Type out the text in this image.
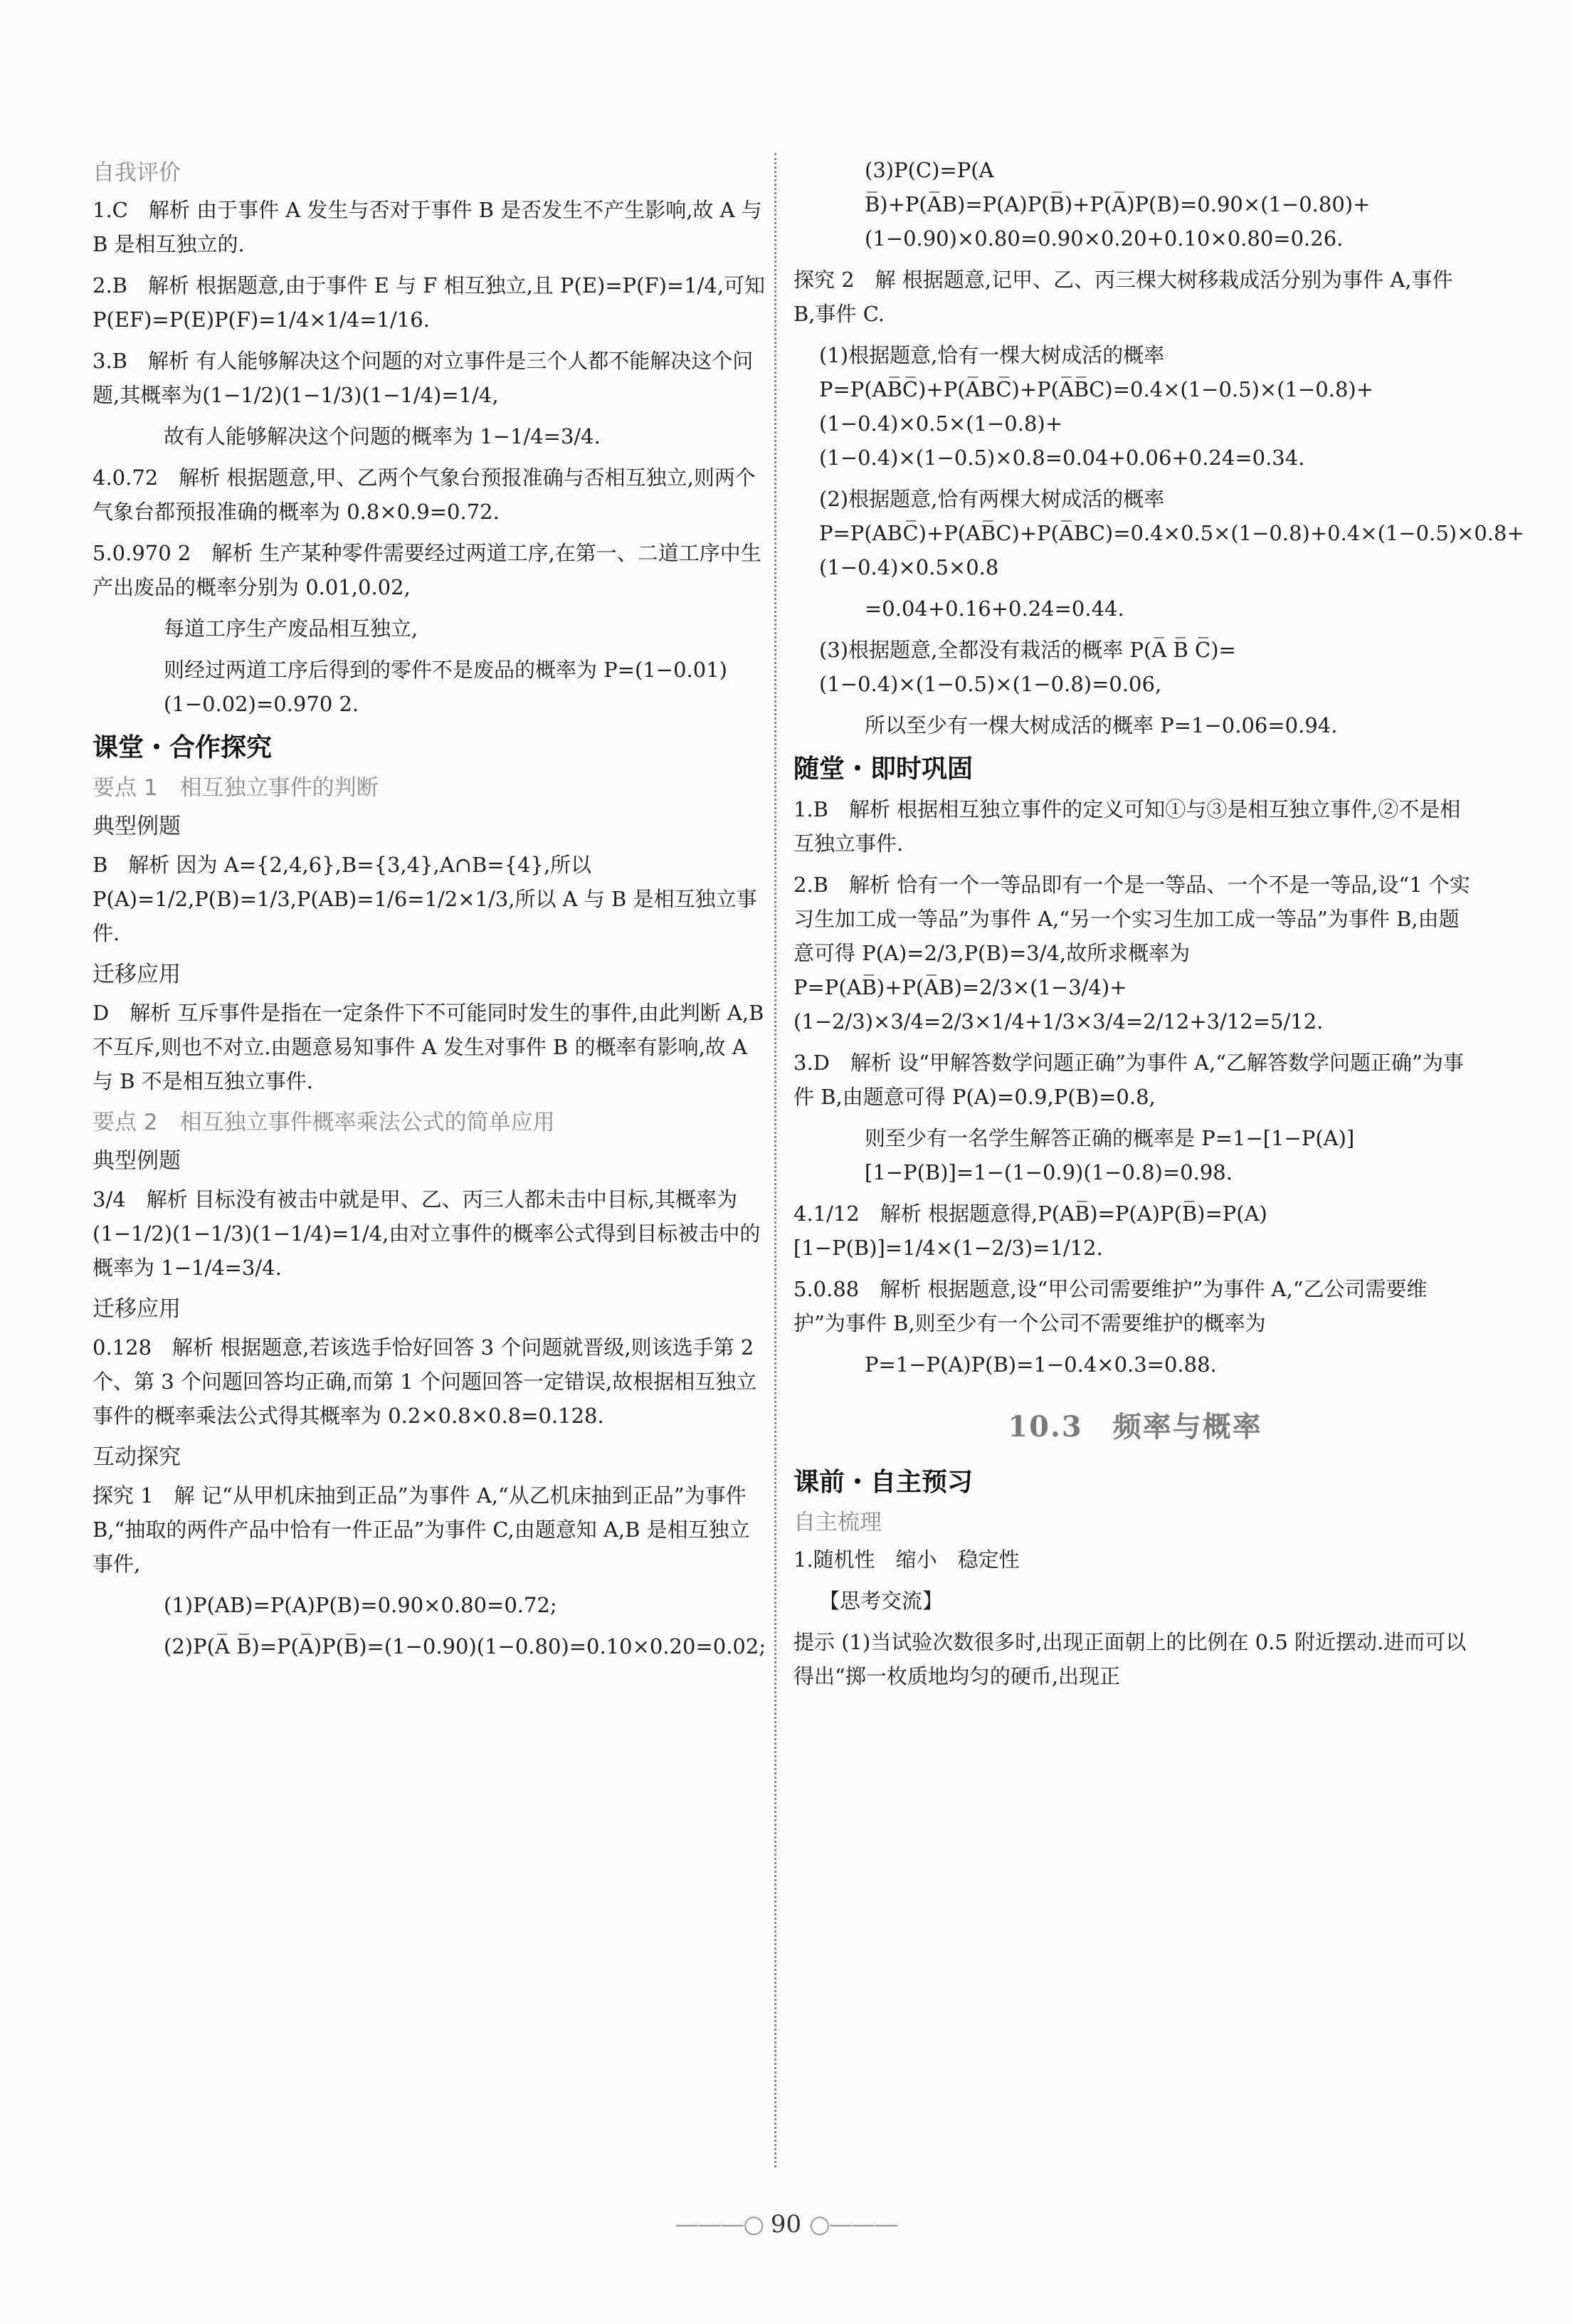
自我评价

1.C　解析 由于事件 A 发生与否对于事件 B 是否发生不产生影响,故 A 与 B 是相互独立的.

2.B　解析 根据题意,由于事件 E 与 F 相互独立,且 P(E)=P(F)=1/4,可知 P(EF)=P(E)P(F)=1/4×1/4=1/16.

3.B　解析 有人能够解决这个问题的对立事件是三个人都不能解决这个问题,其概率为(1−1/2)(1−1/3)(1−1/4)=1/4,

故有人能够解决这个问题的概率为 1−1/4=3/4.

4.0.72　解析 根据题意,甲、乙两个气象台预报准确与否相互独立,则两个气象台都预报准确的概率为 0.8×0.9=0.72.

5.0.970 2　解析 生产某种零件需要经过两道工序,在第一、二道工序中生产出废品的概率分别为 0.01,0.02,

每道工序生产废品相互独立,

则经过两道工序后得到的零件不是废品的概率为 P=(1−0.01)(1−0.02)=0.970 2.

课堂・合作探究

要点 1　相互独立事件的判断

典型例题

B　解析 因为 A={2,4,6},B={3,4},A∩B={4},所以 P(A)=1/2,P(B)=1/3,P(AB)=1/6=1/2×1/3,所以 A 与 B 是相互独立事件.

迁移应用

D　解析 互斥事件是指在一定条件下不可能同时发生的事件,由此判断 A,B 不互斥,则也不对立.由题意易知事件 A 发生对事件 B 的概率有影响,故 A 与 B 不是相互独立事件.

要点 2　相互独立事件概率乘法公式的简单应用

典型例题

3/4　解析 目标没有被击中就是甲、乙、丙三人都未击中目标,其概率为(1−1/2)(1−1/3)(1−1/4)=1/4,由对立事件的概率公式得到目标被击中的概率为 1−1/4=3/4.

迁移应用

0.128　解析 根据题意,若该选手恰好回答 3 个问题就晋级,则该选手第 2 个、第 3 个问题回答均正确,而第 1 个问题回答一定错误,故根据相互独立事件的概率乘法公式得其概率为 0.2×0.8×0.8=0.128.

互动探究

探究 1　解 记“从甲机床抽到正品”为事件 A,“从乙机床抽到正品”为事件 B,“抽取的两件产品中恰有一件正品”为事件 C,由题意知 A,B 是相互独立事件,

(1)P(AB)=P(A)P(B)=0.90×0.80=0.72;

(2)P(A̅ B̅)=P(A̅)P(B̅)=(1−0.90)(1−0.80)=0.10×0.20=0.02;

(3)P(C)=P(A B̅)+P(A̅B)=P(A)P(B̅)+P(A̅)P(B)=0.90×(1−0.80)+(1−0.90)×0.80=0.90×0.20+0.10×0.80=0.26.

探究 2　解 根据题意,记甲、乙、丙三棵大树移栽成活分别为事件 A,事件 B,事件 C.

(1)根据题意,恰有一棵大树成活的概率 P=P(AB̅C̅)+P(A̅BC̅)+P(A̅B̅C)=0.4×(1−0.5)×(1−0.8)+(1−0.4)×0.5×(1−0.8)+(1−0.4)×(1−0.5)×0.8=0.04+0.06+0.24=0.34.

(2)根据题意,恰有两棵大树成活的概率 P=P(ABC̅)+P(AB̅C)+P(A̅BC)=0.4×0.5×(1−0.8)+0.4×(1−0.5)×0.8+(1−0.4)×0.5×0.8

=0.04+0.16+0.24=0.44.

(3)根据题意,全都没有栽活的概率 P(A̅ B̅ C̅)=(1−0.4)×(1−0.5)×(1−0.8)=0.06,

所以至少有一棵大树成活的概率 P=1−0.06=0.94.

随堂・即时巩固

1.B　解析 根据相互独立事件的定义可知①与③是相互独立事件,②不是相互独立事件.

2.B　解析 恰有一个一等品即有一个是一等品、一个不是一等品,设“1 个实习生加工成一等品”为事件 A,“另一个实习生加工成一等品”为事件 B,由题意可得 P(A)=2/3,P(B)=3/4,故所求概率为 P=P(AB̅)+P(A̅B)=2/3×(1−3/4)+(1−2/3)×3/4=2/3×1/4+1/3×3/4=2/12+3/12=5/12.

3.D　解析 设“甲解答数学问题正确”为事件 A,“乙解答数学问题正确”为事件 B,由题意可得 P(A)=0.9,P(B)=0.8,

则至少有一名学生解答正确的概率是 P=1−[1−P(A)][1−P(B)]=1−(1−0.9)(1−0.8)=0.98.

4.1/12　解析 根据题意得,P(AB̅)=P(A)P(B̅)=P(A)[1−P(B)]=1/4×(1−2/3)=1/12.

5.0.88　解析 根据题意,设“甲公司需要维护”为事件 A,“乙公司需要维护”为事件 B,则至少有一个公司不需要维护的概率为

P=1−P(A)P(B)=1−0.4×0.3=0.88.

10.3　频率与概率

课前・自主预习

自主梳理

1.随机性　缩小　稳定性

【思考交流】

提示 (1)当试验次数很多时,出现正面朝上的比例在 0.5 附近摆动.进而可以得出“掷一枚质地均匀的硬币,出现正

———○ 90 ○———
